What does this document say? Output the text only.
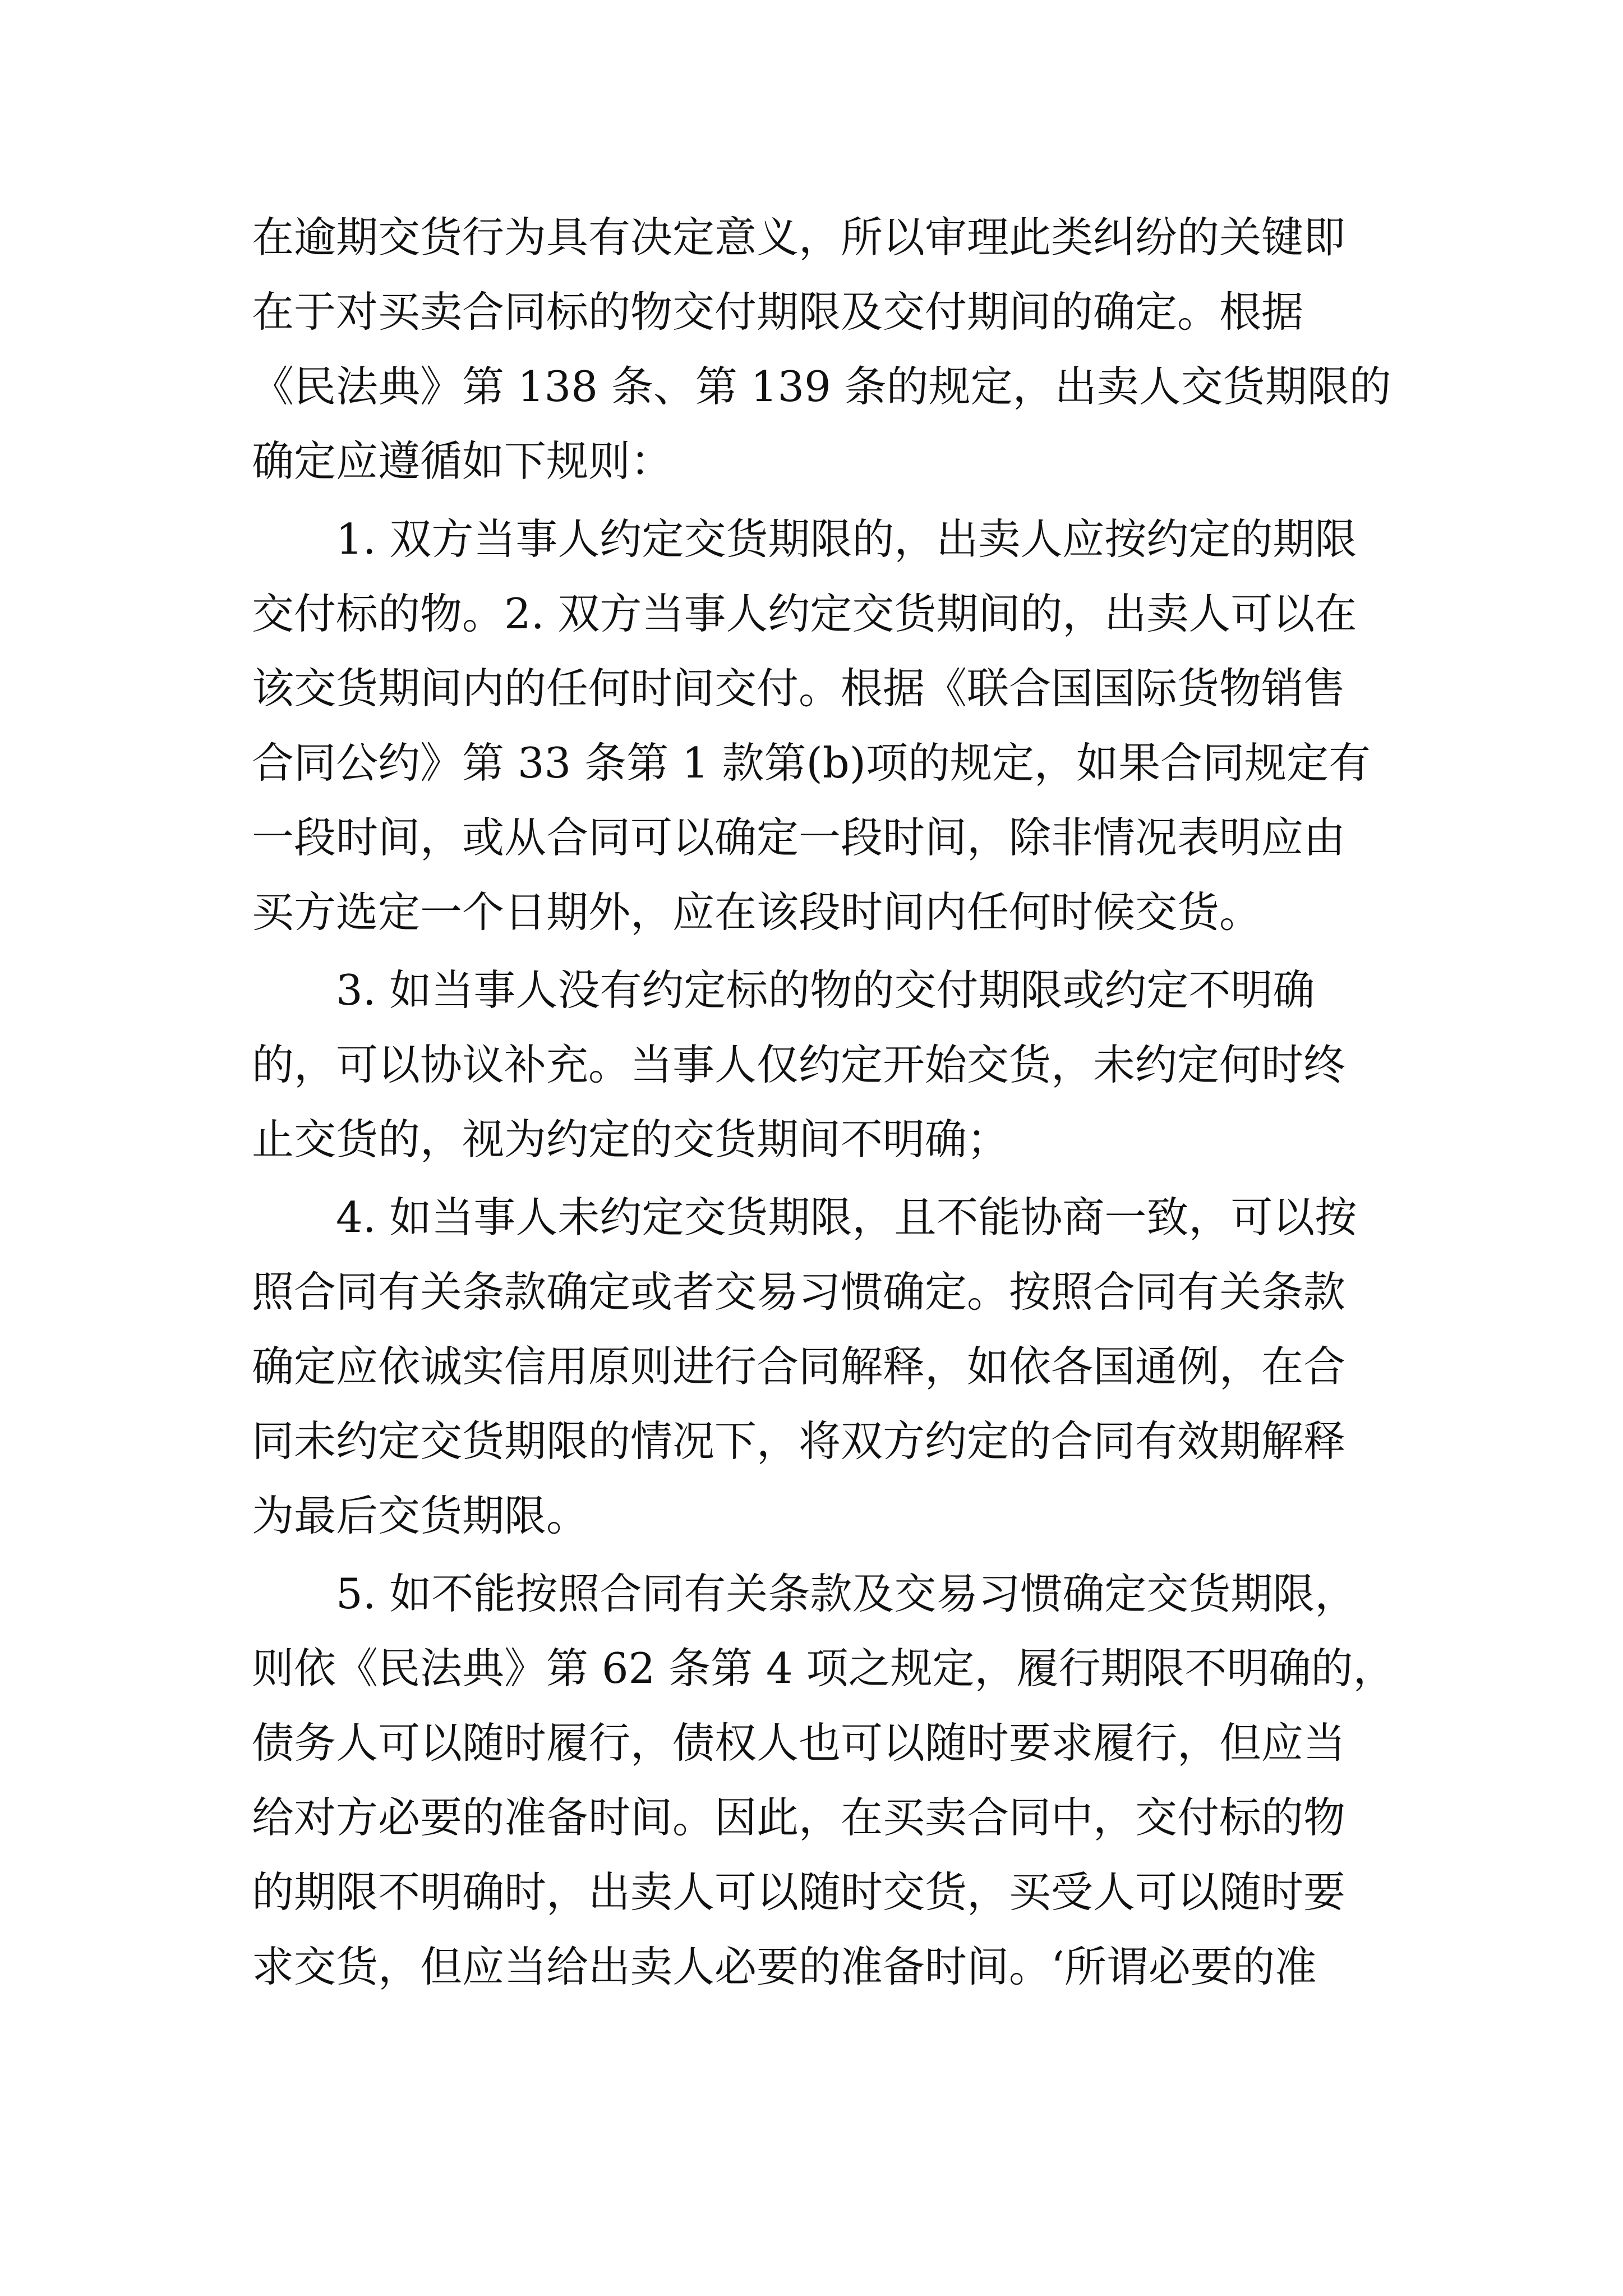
在逾期交货行为具有决定意义，所以审理此类纠纷的关键即
在于对买卖合同标的物交付期限及交付期间的确定。根据
《民法典》第 138 条、第 139 条的规定，出卖人交货期限的
确定应遵循如下规则：
　　1. 双方当事人约定交货期限的，出卖人应按约定的期限
交付标的物。2. 双方当事人约定交货期间的，出卖人可以在
该交货期间内的任何时间交付。根据《联合国国际货物销售
合同公约》第 33 条第 1 款第(b)项的规定，如果合同规定有
一段时间，或从合同可以确定一段时间，除非情况表明应由
买方选定一个日期外，应在该段时间内任何时候交货。
　　3. 如当事人没有约定标的物的交付期限或约定不明确
的，可以协议补充。当事人仅约定开始交货，未约定何时终
止交货的，视为约定的交货期间不明确；
　　4. 如当事人未约定交货期限，且不能协商一致，可以按
照合同有关条款确定或者交易习惯确定。按照合同有关条款
确定应依诚实信用原则进行合同解释，如依各国通例，在合
同未约定交货期限的情况下，将双方约定的合同有效期解释
为最后交货期限。
　　5. 如不能按照合同有关条款及交易习惯确定交货期限，
则依《民法典》第 62 条第 4 项之规定，履行期限不明确的，
债务人可以随时履行，债权人也可以随时要求履行，但应当
给对方必要的准备时间。因此，在买卖合同中，交付标的物
的期限不明确时，出卖人可以随时交货，买受人可以随时要
求交货，但应当给出卖人必要的准备时间。‘所谓必要的准
